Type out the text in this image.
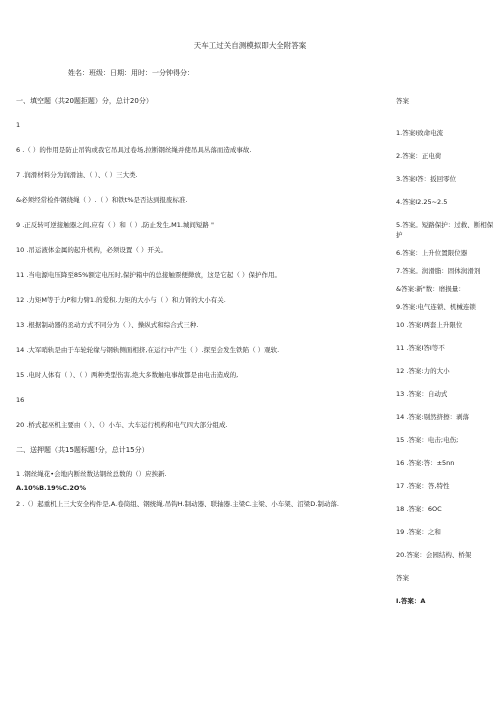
天车工过关自测模拟即大全附答案
姓名：班级：日期：用时：一分钟得分：
一、填空题（共20题拒题）分，总计20分）
1
6 .（ ）的作用是防止吊钩或我它吊具过卷场,拉断钢丝绳并使吊具丛落而造成事故.
7 .润滑材料分为润滑油、（ ）、（ ）三大类.
&必须经常检件钢绕绳（ ）.（ ）和铁t%是否达到报废标准.
9 .正反转可逆接触器之间,应有（ ）和（ ）,防止发生,M1.城间短路 "
10 .吊运液体金属的起升机构，必须设置（ ）开关。
11 .当电源电压降至85%额定电压时,保护箱中的总接触票便撵放，这是它起（ ）保护作用。
12 .力矩M等于力P和力臂1.的爱积.力矩的大小与（ ）和力肾的大小有关.
13 .根据制动器的丞动方式不同分为（ ）、操纵式和综合式三种.
14 .大军哨轨是由于车轮轮缘与钢轨侧面相挤,在运行中产生（ ）.探至会发生铁陷（ ）观软.
15 .电时人体有（ ）、（ ）两种类型伤害,绝大多数触电事故都是由电击造成的,
16
20 .桥式起巫机主要由（ ）、（）小车、大车运行机构和电气四大部分组成.
二、送押题（共15题标题!分，总计15分）
1 .钢丝绳花•会地内断丝数达钢丝总数的（）应挨新.
A.10%B.19%C.2O%
2 .（）起重机上三大安全构件是,A.卷筒组、钢统绳.吊钩H.制动器、联轴器.主梁C.主梁、小车架、沼梁D.制动落.
答案
1.答案I致命电流
2.答案：正电荷
3.答案I答：扳回零位
4.答案I2.25~2.5
5.答案。短路保护：过救、断相保护
6.答案：上升位置限位器
7.答案。润滑脂：固体润滑剂
&答案:新"数：磨损量：
9.答案:电气连锁、机械连锁
10 .答案I两套上升限位
11 .答案I答I等不
12 .答案:力的大小
13 .答案：自动式
14 .答案:剔然挤擦：剥落
15 .答案：电击;电伤;
16 .答案:答：±5nn
17 .答案：答,特性
18 .答案：6OC
19 .答案：之和
20.答案：会园结构、桥架
答案
I.答案：A
